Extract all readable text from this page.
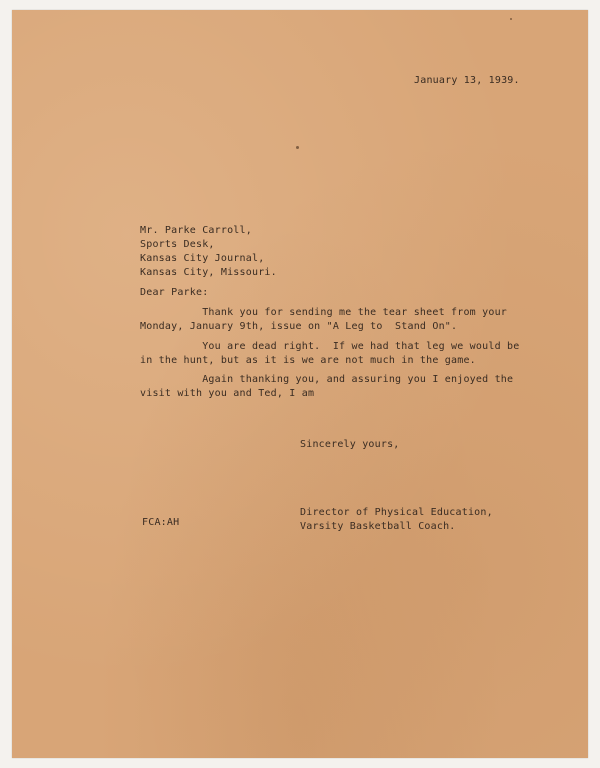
January 13, 1939.
Mr. Parke Carroll,
Sports Desk,
Kansas City Journal,
Kansas City, Missouri.
Dear Parke:
Thank you for sending me the tear sheet from your
Monday, January 9th, issue on "A Leg to  Stand On".
You are dead right.  If we had that leg we would be
in the hunt, but as it is we are not much in the game.
Again thanking you, and assuring you I enjoyed the
visit with you and Ted, I am
Sincerely yours,
Director of Physical Education,
Varsity Basketball Coach.
FCA:AH
